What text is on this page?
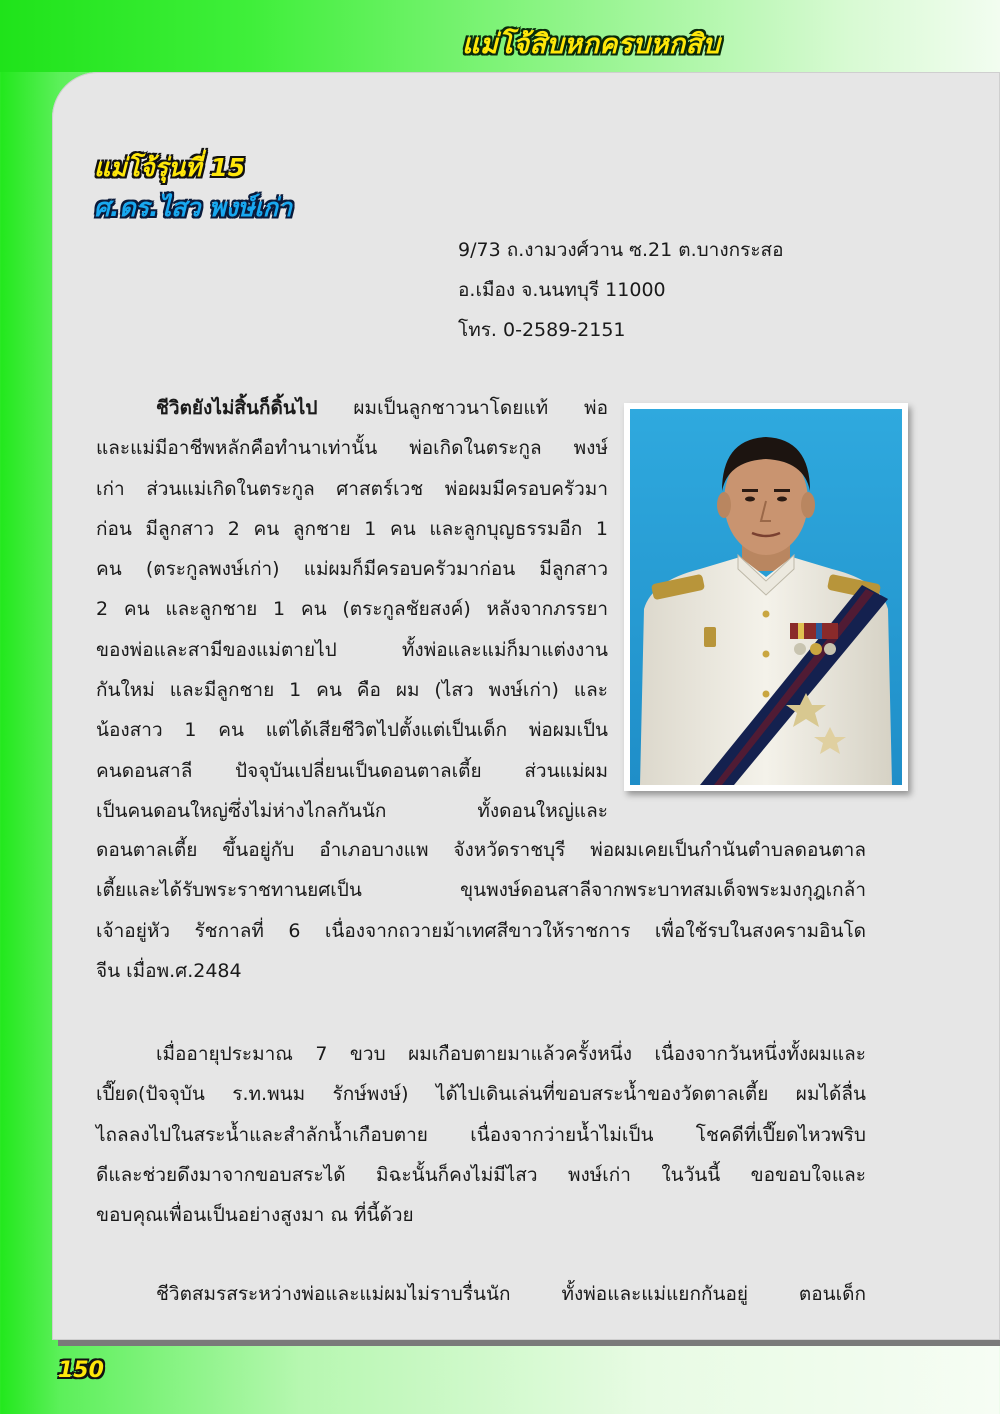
แม่โจ้สิบหกครบหกสิบ
แม่โจ้รุ่นที่ 15
ศ.ดร.ไสว พงษ์เก่า
9/73 ถ.งามวงศ์วาน ซ.21 ต.บางกระสอ
อ.เมือง จ.นนทบุรี 11000
โทร. 0-2589-2151
ชีวิตยังไม่สิ้นก็ดิ้นไป ผมเป็นลูกชาวนาโดยแท้ พ่อ
และแม่มีอาชีพหลักคือทำนาเท่านั้น พ่อเกิดในตระกูล พงษ์
เก่า ส่วนแม่เกิดในตระกูล ศาสตร์เวช พ่อผมมีครอบครัวมา
ก่อน มีลูกสาว 2 คน ลูกชาย 1 คน และลูกบุญธรรมอีก 1
คน (ตระกูลพงษ์เก่า) แม่ผมก็มีครอบครัวมาก่อน มีลูกสาว
2 คน และลูกชาย 1 คน (ตระกูลชัยสงค์) หลังจากภรรยา
ของพ่อและสามีของแม่ตายไป ทั้งพ่อและแม่ก็มาแต่งงาน
กันใหม่ และมีลูกชาย 1 คน คือ ผม (ไสว พงษ์เก่า) และ
น้องสาว 1 คน แต่ได้เสียชีวิตไปตั้งแต่เป็นเด็ก พ่อผมเป็น
คนดอนสาลี ปัจจุบันเปลี่ยนเป็นดอนตาลเตี้ย ส่วนแม่ผม
เป็นคนดอนใหญ่ซึ่งไม่ห่างไกลกันนัก ทั้งดอนใหญ่และ
ดอนตาลเตี้ย ขึ้นอยู่กับ อำเภอบางแพ จังหวัดราชบุรี พ่อผมเคยเป็นกำนันตำบลดอนตาล
เตี้ยและได้รับพระราชทานยศเป็น ขุนพงษ์ดอนสาลีจากพระบาทสมเด็จพระมงกุฎเกล้า
เจ้าอยู่หัว รัชกาลที่ 6 เนื่องจากถวายม้าเทศสีขาวให้ราชการ เพื่อใช้รบในสงครามอินโด
จีน เมื่อพ.ศ.2484
เมื่ออายุประมาณ 7 ขวบ ผมเกือบตายมาแล้วครั้งหนึ่ง เนื่องจากวันหนึ่งทั้งผมและ
เปี๊ยด(ปัจจุบัน ร.ท.พนม รักษ์พงษ์) ได้ไปเดินเล่นที่ขอบสระน้ำของวัดตาลเตี้ย ผมได้ลื่น
ไถลลงไปในสระน้ำและสำลักน้ำเกือบตาย เนื่องจากว่ายน้ำไม่เป็น โชคดีที่เปี๊ยดไหวพริบ
ดีและช่วยดึงมาจากขอบสระได้ มิฉะนั้นก็คงไม่มีไสว พงษ์เก่า ในวันนี้ ขอขอบใจและ
ขอบคุณเพื่อนเป็นอย่างสูงมา ณ ที่นี้ด้วย
ชีวิตสมรสระหว่างพ่อและแม่ผมไม่ราบรื่นนัก ทั้งพ่อและแม่แยกกันอยู่ ตอนเด็ก

150
